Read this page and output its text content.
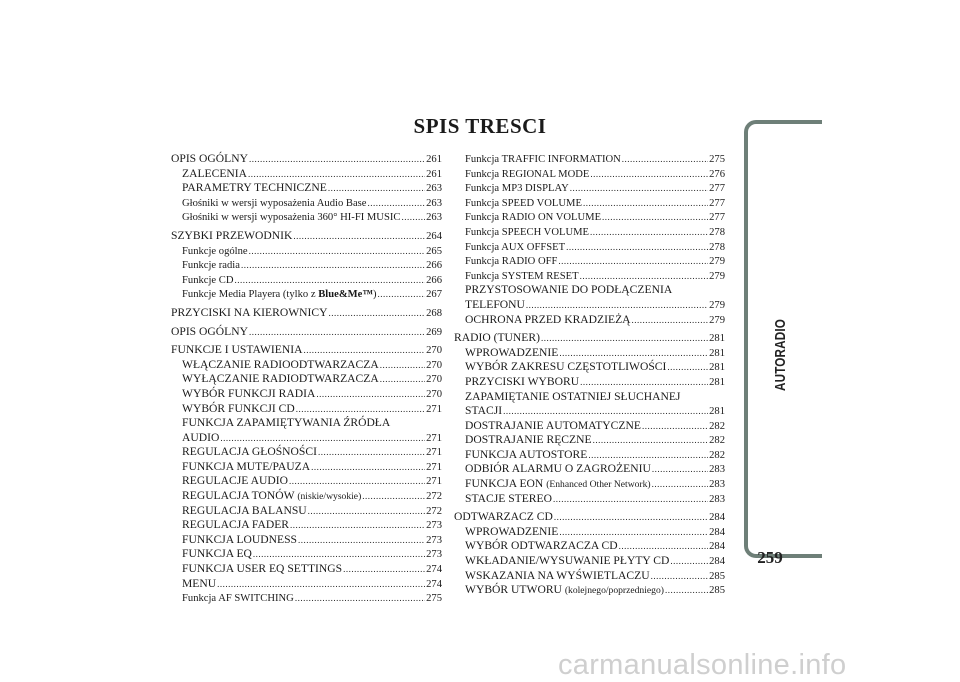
SPIS TRESCI
OPIS OGÓLNY .....	261
ZALECENIA .....	261
PARAMETRY TECHNICZNE .....	263
Głośniki w wersji wyposażenia Audio Base .....	263
Głośniki w wersji wyposażenia 360° HI-FI MUSIC ..... 263
SZYBKI PRZEWODNIK .....	264
Funkcje ogólne .....	265
Funkcje radia .....	266
Funkcje CD .....	266
Funkcje Media Playera (tylko z Blue&Me™) .....	267
PRZYCISKI NA KIEROWNICY .....	268
OPIS OGÓLNY .....	269
FUNKCJE I USTAWIENIA .....	270
WŁĄCZANIE RADIOODTWARZACZA .....	270
WYŁĄCZANIE RADIODTWARZACZA .....	270
WYBÓR FUNKCJI RADIA .....	270
WYBÓR FUNKCJI CD .....	271
FUNKCJA ZAPAMIĘTYWANIA ŹRÓDŁA
AUDIO .....	271
REGULACJA GŁOŚNOŚCI .....	271
FUNKCJA MUTE/PAUZA .....	271
REGULACJE AUDIO .....	271
REGULACJA TONÓW (niskie/wysokie) .....	272
REGULACJA BALANSU .....	272
REGULACJA FADER .....	273
FUNKCJA LOUDNESS .....	273
FUNKCJA EQ .....	273
FUNKCJA USER EQ SETTINGS .....	274
MENU .....	274
Funkcja AF SWITCHING .....	275
Funkcja TRAFFIC INFORMATION .....	275
Funkcja REGIONAL MODE .....	276
Funkcja MP3 DISPLAY .....	277
Funkcja SPEED VOLUME .....	277
Funkcja RADIO ON VOLUME .....	277
Funkcja SPEECH VOLUME .....	278
Funkcja AUX OFFSET .....	278
Funkcja RADIO OFF .....	279
Funkcja SYSTEM RESET .....	279
PRZYSTOSOWANIE DO PODŁĄCZENIA
TELEFONU .....	279
OCHRONA PRZED KRADZIEŻĄ .....	279
RADIO (TUNER) .....	281
WPROWADZENIE .....	281
WYBÓR ZAKRESU CZĘSTOTLIWOŚCI .....	281
PRZYCISKI WYBORU .....	281
ZAPAMIĘTANIE OSTATNIEJ SŁUCHANEJ
STACJI .....	281
DOSTRAJANIE AUTOMATYCZNE .....	282
DOSTRAJANIE RĘCZNE .....	282
FUNKCJA AUTOSTORE .....	282
ODBIÓR ALARMU O ZAGROŻENIU .....	283
FUNKCJA EON (Enhanced Other Network) .....	283
STACJE STEREO .....	283
ODTWARZACZ CD .....	284
WPROWADZENIE .....	284
WYBÓR ODTWARZACZA CD .....	284
WKŁADANIE/WYSUWANIE PŁYTY CD .....	284
WSKAZANIA NA WYŚWIETLACZU .....	285
WYBÓR UTWORU (kolejnego/poprzedniego) .....	285
AUTORADIO
259
carmanualsonline.info
